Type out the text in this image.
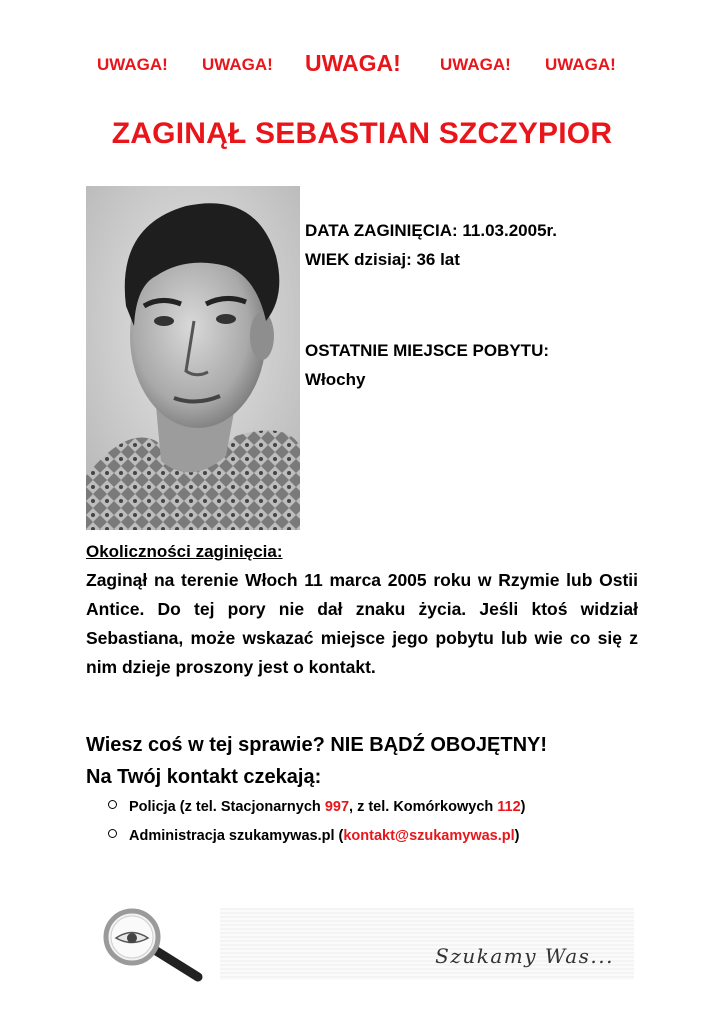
UWAGA! UWAGA! UWAGA! UWAGA! UWAGA!
ZAGINĄŁ SEBASTIAN SZCZYPIOR
DATA ZAGINIĘCIA: 11.03.2005r.
WIEK dzisiaj: 36 lat
OSTATNIE MIEJSCE POBYTU:
Włochy
Okoliczności zaginięcia:
Zaginął na terenie Włoch 11 marca 2005 roku w Rzymie lub Ostii Antice. Do tej pory nie dał znaku życia. Jeśli ktoś widział Sebastiana, może wskazać miejsce jego pobytu lub wie co się z nim dzieje proszony jest o kontakt.
Wiesz coś w tej sprawie? NIE BĄDŹ OBOJĘTNY!
Na Twój kontakt czekają:
Policja (z tel. Stacjonarnych 997, z tel. Komórkowych 112)
Administracja szukamywas.pl (kontakt@szukamywas.pl)
Szukamy Was...
